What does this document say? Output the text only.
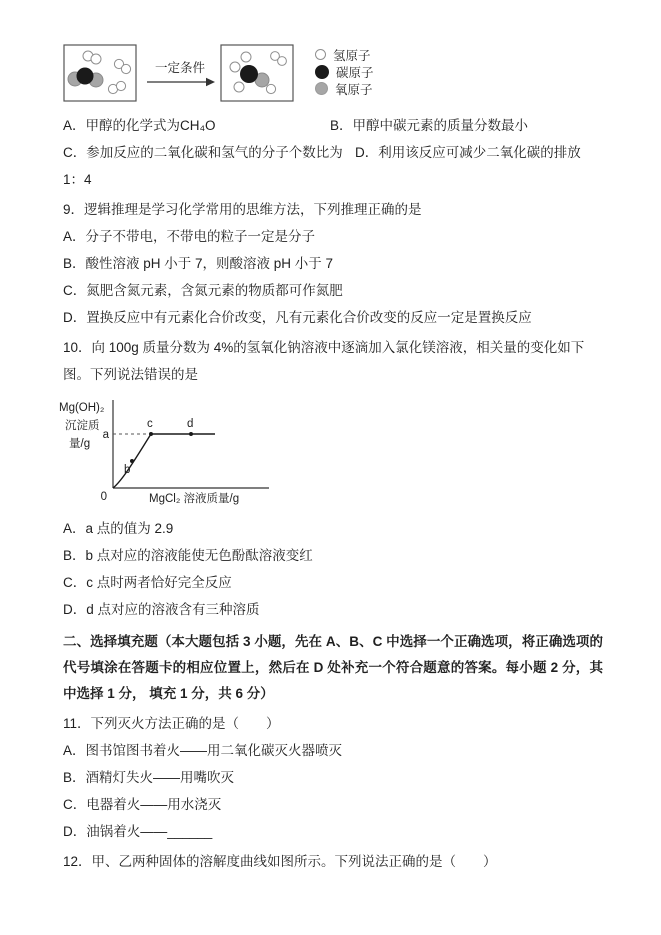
一定条件
氢原子
碳原子
氧原子
A．甲醇的化学式为CH₄O	B．甲醇中碳元素的质量分数最小
C．参加反应的二氧化碳和氢气的分子个数比为1：4
D．利用该反应可减少二氧化碳的排放
9．逻辑推理是学习化学常用的思维方法，下列推理正确的是
A．分子不带电，不带电的粒子一定是分子
B．酸性溶液 pH 小于 7，则酸溶液 pH 小于 7
C．氮肥含氮元素，含氮元素的物质都可作氮肥
D．置换反应中有元素化合价改变，凡有元素化合价改变的反应一定是置换反应
10．向 100g 质量分数为 4%的氢氧化钠溶液中逐滴加入氯化镁溶液，相关量的变化如下图。下列说法错误的是
Mg(OH)₂
沉淀质
量/g
a
b
c	d
0	MgCl₂ 溶液质量/g
A．a 点的值为 2.9
B．b 点对应的溶液能使无色酚酞溶液变红
C．c 点时两者恰好完全反应
D．d 点对应的溶液含有三种溶质
二、选择填充题（本大题包括 3 小题，先在 A、B、C 中选择一个正确选项，将正确选项的代号填涂在答题卡的相应位置上，然后在 D 处补充一个符合题意的答案。每小题 2 分，其中选择 1 分， 填充 1 分，共 6 分）
11．下列灭火方法正确的是（　　）
A．图书馆图书着火——用二氧化碳灭火器喷灭
B．酒精灯失火——用嘴吹灭
C．电器着火——用水浇灭
D．油锅着火——______
12．甲、乙两种固体的溶解度曲线如图所示。下列说法正确的是（　　）
